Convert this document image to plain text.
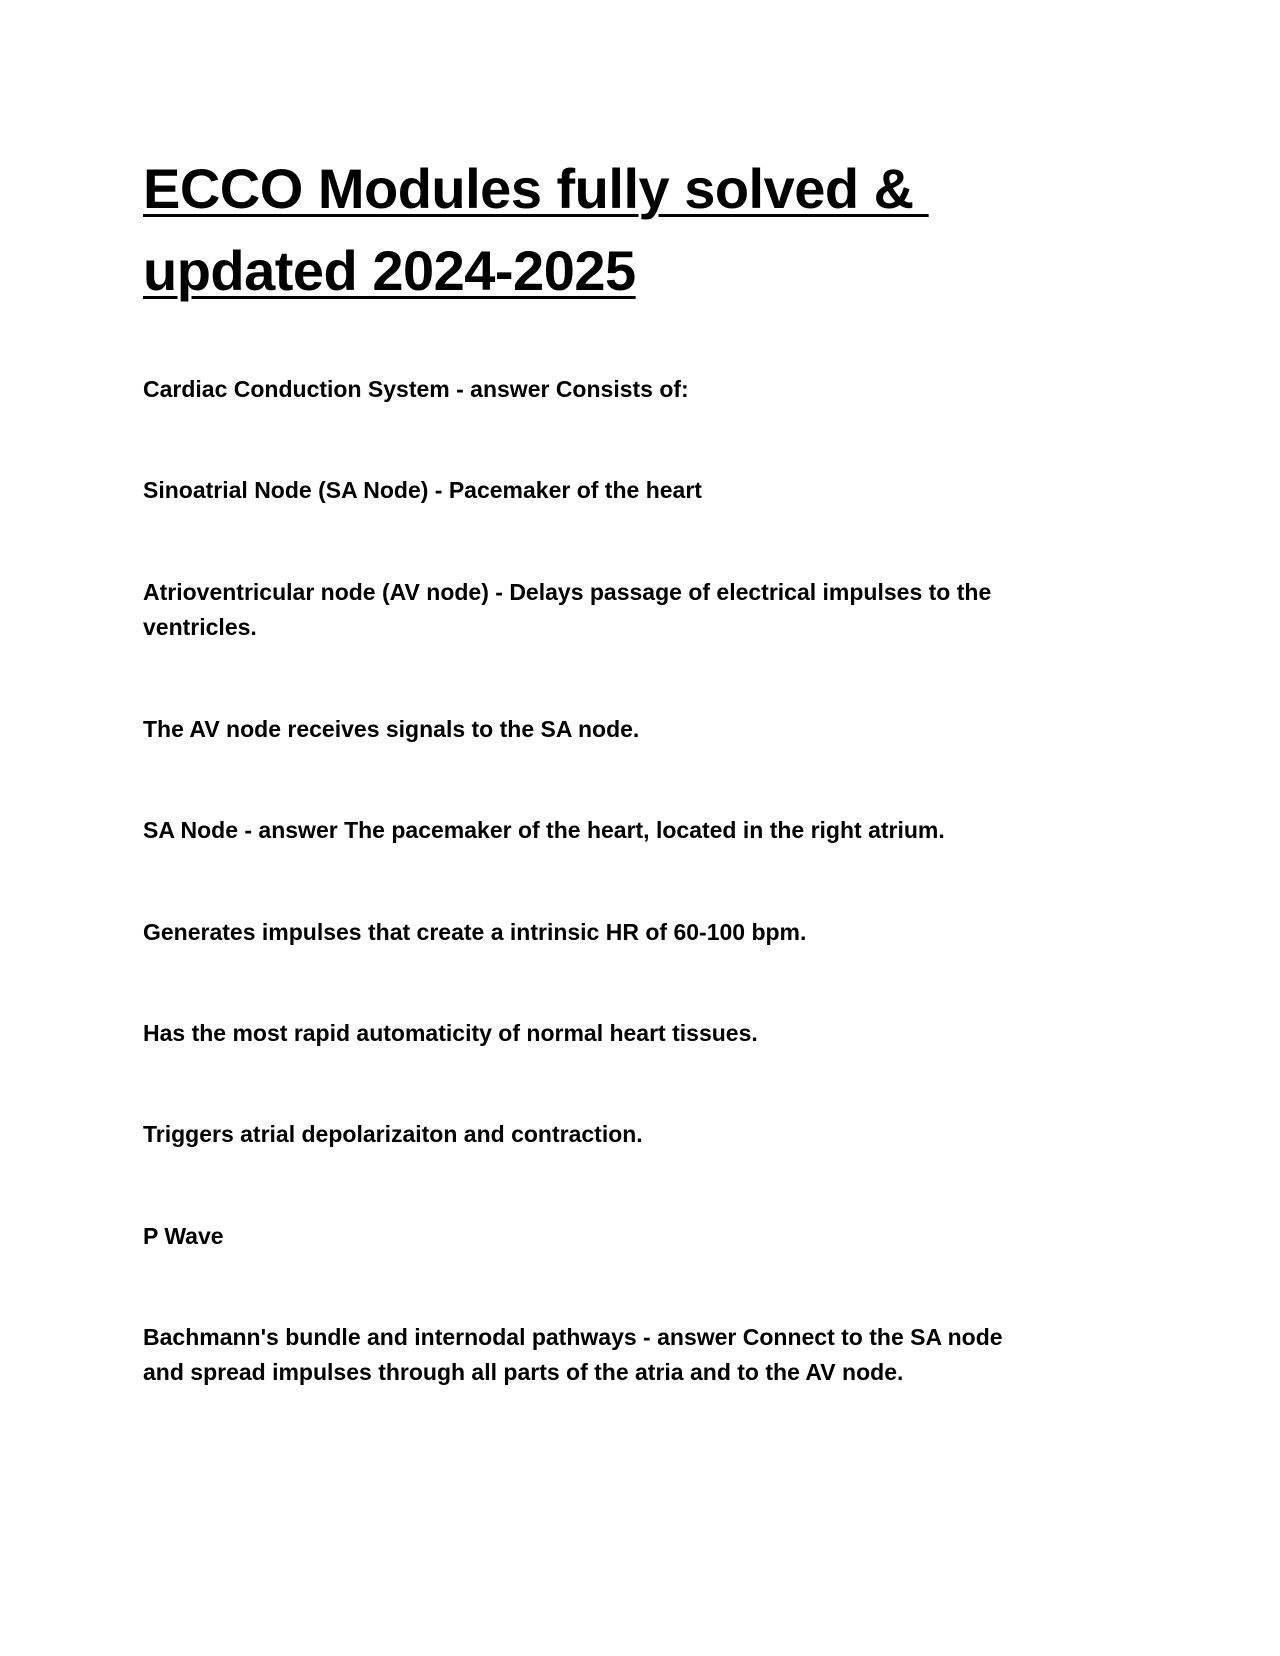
ECCO Modules fully solved &
updated 2024-2025

Cardiac Conduction System - answer Consists of:

Sinoatrial Node (SA Node) - Pacemaker of the heart

Atrioventricular node (AV node) - Delays passage of electrical impulses to the
ventricles.

The AV node receives signals to the SA node.

SA Node - answer The pacemaker of the heart, located in the right atrium.

Generates impulses that create a intrinsic HR of 60-100 bpm.

Has the most rapid automaticity of normal heart tissues.

Triggers atrial depolarizaiton and contraction.

P Wave

Bachmann's bundle and internodal pathways - answer Connect to the SA node
and spread impulses through all parts of the atria and to the AV node.
